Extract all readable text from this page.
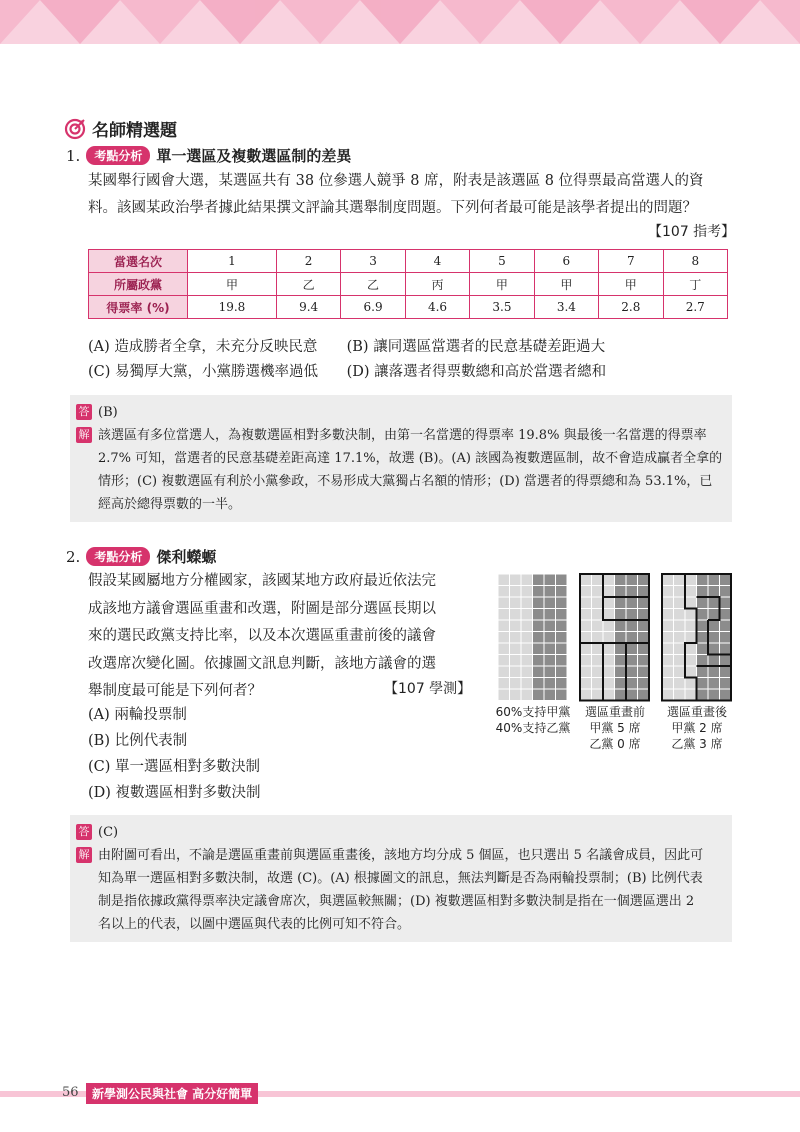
名師精選題
1.	考點分析 單一選區及複數選區制的差異
某國舉行國會大選，某選區共有 38 位參選人競爭 8 席，附表是該選區 8 位得票最高當選人的資
料。該國某政治學者據此結果撰文評論其選舉制度問題。下列何者最可能是該學者提出的問題？
【107 指考】
當選名次	1	2	3	4	5	6	7	8
所屬政黨	甲	乙	乙	丙	甲	甲	甲	丁
得票率 (%)	19.8	9.4	6.9	4.6	3.5	3.4	2.8	2.7
(A) 造成勝者全拿，未充分反映民意 (B) 讓同選區當選者的民意基礎差距過大
(C) 易獨厚大黨，小黨勝選機率過低 (D) 讓落選者得票數總和高於當選者總和
答 (B)
解 該選區有多位當選人，為複數選區相對多數決制，由第一名當選的得票率 19.8% 與最後一名當選的得票率
2.7% 可知，當選者的民意基礎差距高達 17.1%，故選 (B)。(A) 該國為複數選區制，故不會造成贏者全拿的
情形；(C) 複數選區有利於小黨參政，不易形成大黨獨占名額的情形；(D) 當選者的得票總和為 53.1%，已
經高於總得票數的一半。
2.	考點分析 傑利蠑螈
假設某國屬地方分權國家，該國某地方政府最近依法完
成該地方議會選區重畫和改選，附圖是部分選區長期以
來的選民政黨支持比率，以及本次選區重畫前後的議會
改選席次變化圖。依據圖文訊息判斷，該地方議會的選
舉制度最可能是下列何者？	【107 學測】
(A) 兩輪投票制
(B) 比例代表制
(C) 單一選區相對多數決制
(D) 複數選區相對多數決制
60%支持甲黨
40%支持乙黨
選區重畫前
甲黨 5 席
乙黨 0 席
選區重畫後
甲黨 2 席
乙黨 3 席
答 (C)
解 由附圖可看出，不論是選區重畫前與選區重畫後，該地方均分成 5 個區，也只選出 5 名議會成員，因此可
知為單一選區相對多數決制，故選 (C)。(A) 根據圖文的訊息，無法判斷是否為兩輪投票制；(B) 比例代表
制是指依據政黨得票率決定議會席次，與選區較無關；(D) 複數選區相對多數決制是指在一個選區選出 2
名以上的代表，以圖中選區與代表的比例可知不符合。
56	新學測公民與社會 高分好簡單
